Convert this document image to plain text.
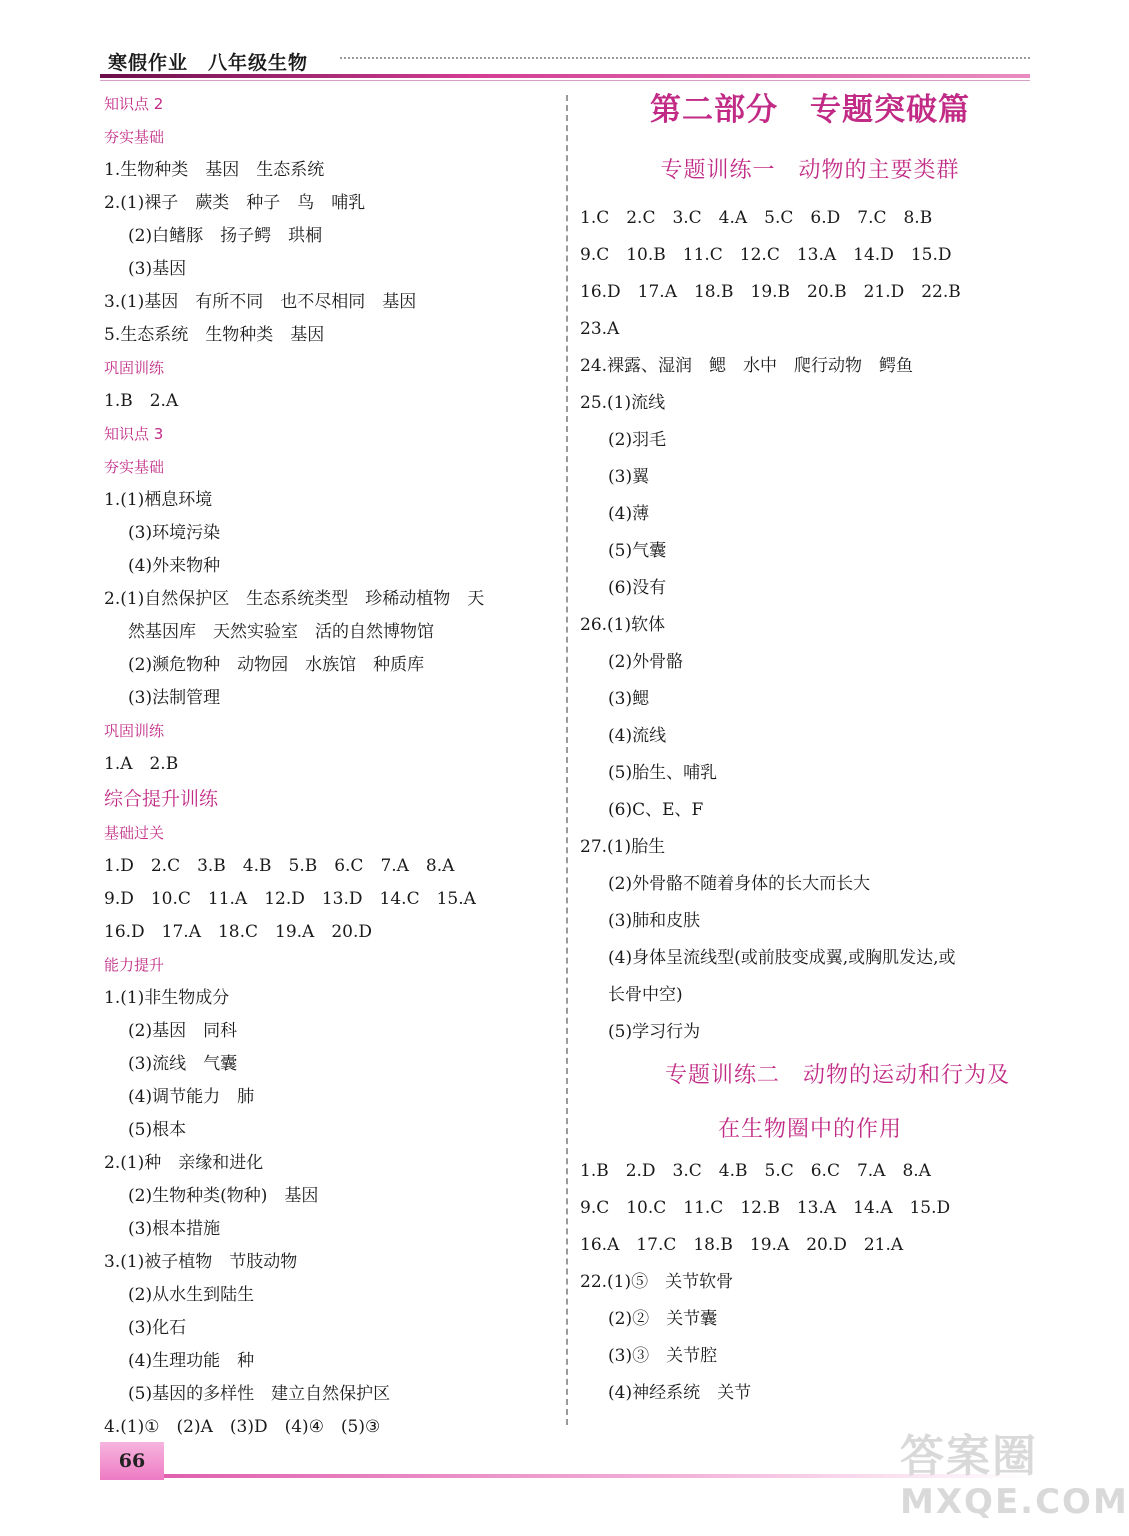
寒假作业　八年级生物
知识点 2
夯实基础
1.生物种类　基因　生态系统
2.(1)裸子　蕨类　种子　鸟　哺乳
(2)白鳍豚　扬子鳄　珙桐
(3)基因
3.(1)基因　有所不同　也不尽相同　基因
5.生态系统　生物种类　基因
巩固训练
1.B　2.A
知识点 3
夯实基础
1.(1)栖息环境
(3)环境污染
(4)外来物种
2.(1)自然保护区　生态系统类型　珍稀动植物　天
然基因库　天然实验室　活的自然博物馆
(2)濒危物种　动物园　水族馆　种质库
(3)法制管理
巩固训练
1.A　2.B
综合提升训练
基础过关
1.D　2.C　3.B　4.B　5.B　6.C　7.A　8.A
9.D　10.C　11.A　12.D　13.D　14.C　15.A
16.D　17.A　18.C　19.A　20.D
能力提升
1.(1)非生物成分
(2)基因　同科
(3)流线　气囊
(4)调节能力　肺
(5)根本
2.(1)种　亲缘和进化
(2)生物种类(物种)　基因
(3)根本措施
3.(1)被子植物　节肢动物
(2)从水生到陆生
(3)化石
(4)生理功能　种
(5)基因的多样性　建立自然保护区
4.(1)①　(2)A　(3)D　(4)④　(5)③
第二部分　专题突破篇
专题训练一　动物的主要类群
1.C　2.C　3.C　4.A　5.C　6.D　7.C　8.B
9.C　10.B　11.C　12.C　13.A　14.D　15.D
16.D　17.A　18.B　19.B　20.B　21.D　22.B
23.A
24.裸露、湿润　鳃　水中　爬行动物　鳄鱼
25.(1)流线
(2)羽毛
(3)翼
(4)薄
(5)气囊
(6)没有
26.(1)软体
(2)外骨骼
(3)鳃
(4)流线
(5)胎生、哺乳
(6)C、E、F
27.(1)胎生
(2)外骨骼不随着身体的长大而长大
(3)肺和皮肤
(4)身体呈流线型(或前肢变成翼,或胸肌发达,或
长骨中空)
(5)学习行为
专题训练二　动物的运动和行为及
在生物圈中的作用
1.B　2.D　3.C　4.B　5.C　6.C　7.A　8.A
9.C　10.C　11.C　12.B　13.A　14.A　15.D
16.A　17.C　18.B　19.A　20.D　21.A
22.(1)⑤　关节软骨
(2)②　关节囊
(3)③　关节腔
(4)神经系统　关节
66	答案圈
MXQE.COM
